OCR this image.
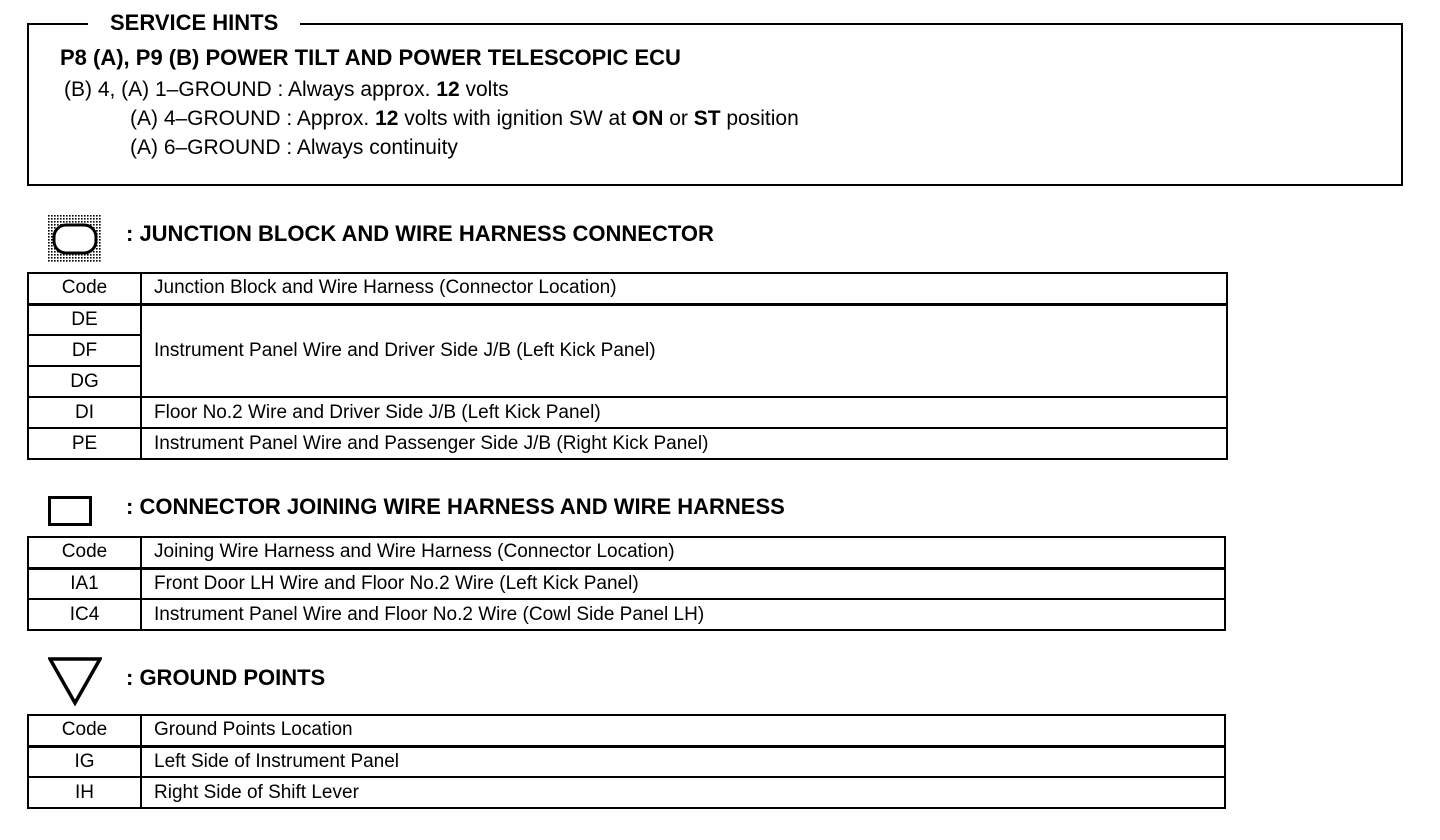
SERVICE HINTS
P8 (A), P9 (B) POWER TILT AND POWER TELESCOPIC ECU
(B) 4, (A) 1–GROUND : Always approx. 12 volts
(A) 4–GROUND : Approx. 12 volts with ignition SW at ON or ST position
(A) 6–GROUND : Always continuity
: JUNCTION BLOCK AND WIRE HARNESS CONNECTOR
Code	Junction Block and Wire Harness (Connector Location)
DE	Instrument Panel Wire and Driver Side J/B (Left Kick Panel)
DF	
DG	
DI	Floor No.2 Wire and Driver Side J/B (Left Kick Panel)
PE	Instrument Panel Wire and Passenger Side J/B (Right Kick Panel)
: CONNECTOR JOINING WIRE HARNESS AND WIRE HARNESS
Code	Joining Wire Harness and Wire Harness (Connector Location)
IA1	Front Door LH Wire and Floor No.2 Wire (Left Kick Panel)
IC4	Instrument Panel Wire and Floor No.2 Wire (Cowl Side Panel LH)
: GROUND POINTS
Code	Ground Points Location
IG	Left Side of Instrument Panel
IH	Right Side of Shift Lever
